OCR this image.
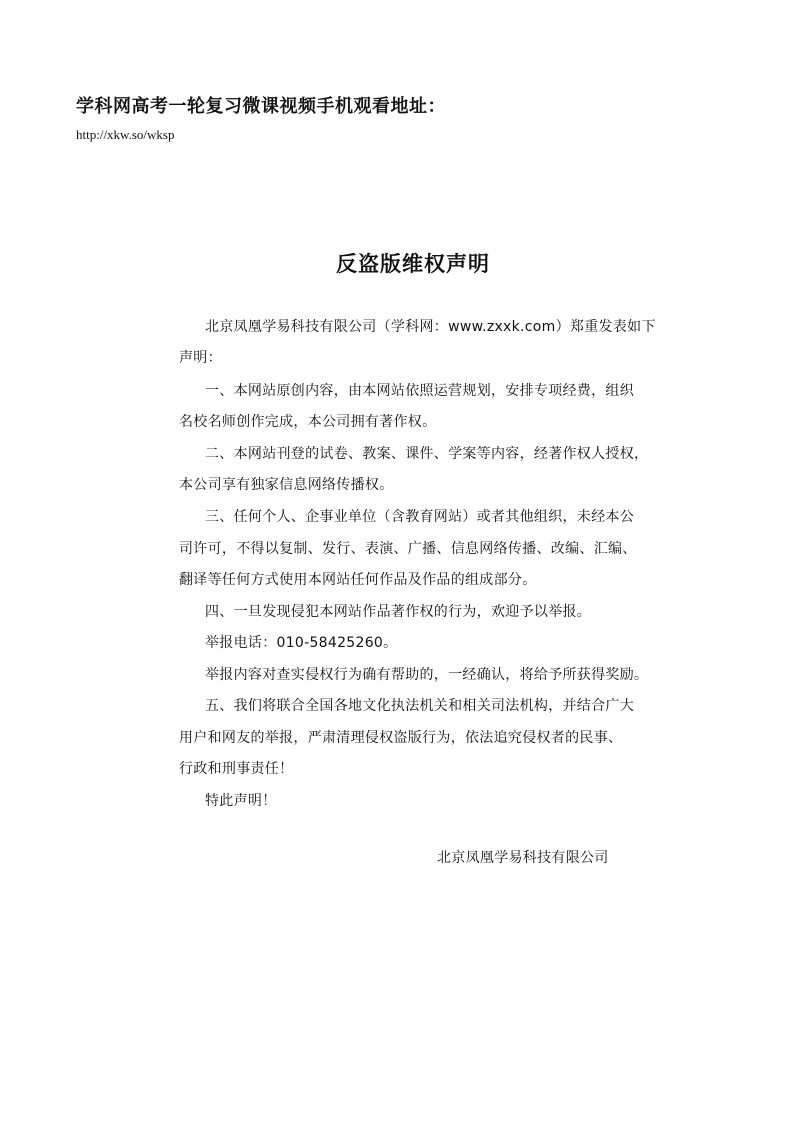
学科网高考一轮复习微课视频手机观看地址：
http://xkw.so/wksp
反盗版维权声明
北京凤凰学易科技有限公司（学科网：www.zxxk.com）郑重发表如下
声明：
一、本网站原创内容，由本网站依照运营规划，安排专项经费，组织
名校名师创作完成，本公司拥有著作权。
二、本网站刊登的试卷、教案、课件、学案等内容，经著作权人授权，
本公司享有独家信息网络传播权。
三、任何个人、企事业单位（含教育网站）或者其他组织，未经本公
司许可，不得以复制、发行、表演、广播、信息网络传播、改编、汇编、
翻译等任何方式使用本网站任何作品及作品的组成部分。
四、一旦发现侵犯本网站作品著作权的行为，欢迎予以举报。
举报电话：010-58425260。
举报内容对查实侵权行为确有帮助的，一经确认，将给予所获得奖励。
五、我们将联合全国各地文化执法机关和相关司法机构，并结合广大
用户和网友的举报，严肃清理侵权盗版行为，依法追究侵权者的民事、
行政和刑事责任！
特此声明！
北京凤凰学易科技有限公司
